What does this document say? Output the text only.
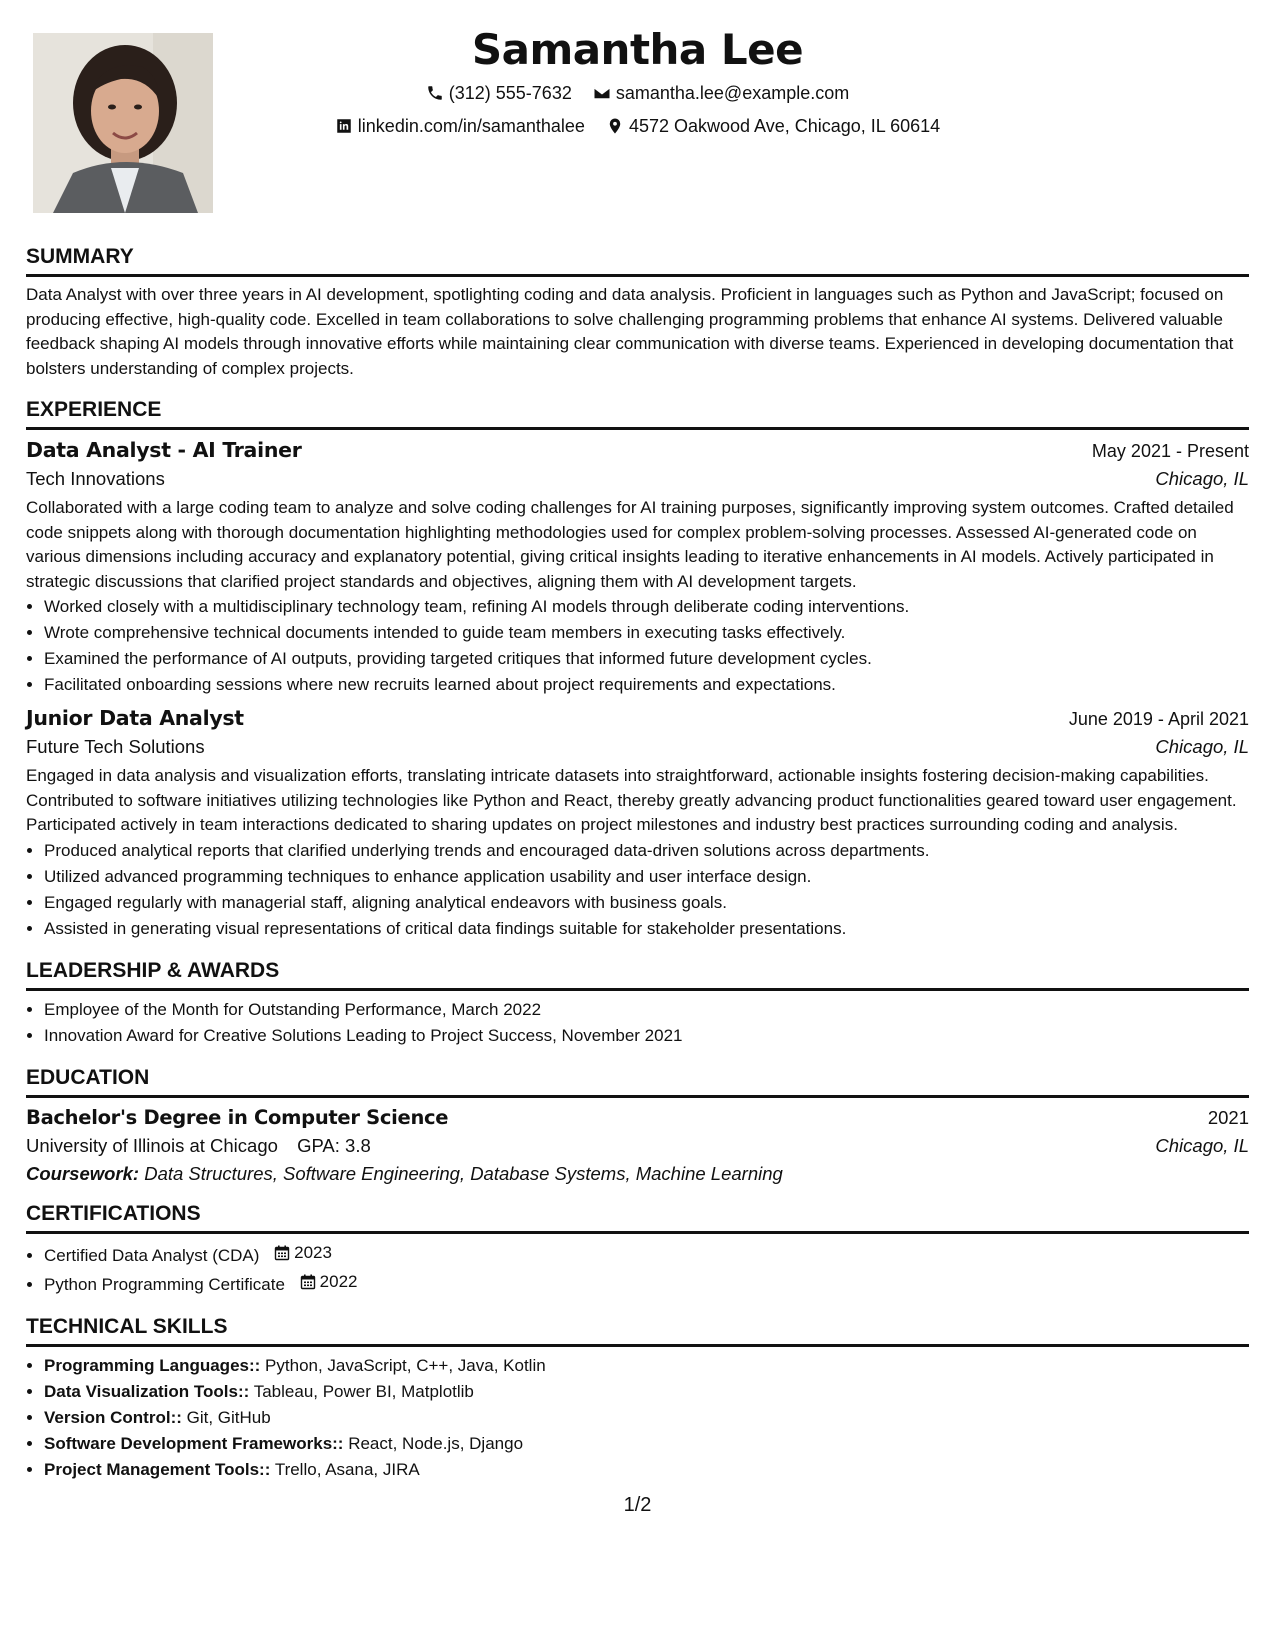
Samantha Lee
(312) 555-7632
samantha.lee@example.com
linkedin.com/in/samanthalee
4572 Oakwood Ave, Chicago, IL 60614
SUMMARY

Data Analyst with over three years in AI development, spotlighting coding and data analysis. Proficient in languages such as Python and JavaScript; focused on producing effective, high-quality code. Excelled in team collaborations to solve challenging programming problems that enhance AI systems. Delivered valuable feedback shaping AI models through innovative efforts while maintaining clear communication with diverse teams. Experienced in developing documentation that bolsters understanding of complex projects.

EXPERIENCE
Data Analyst - AI Trainer	May 2021 - Present
Tech Innovations	Chicago, IL

Collaborated with a large coding team to analyze and solve coding challenges for AI training purposes, significantly improving system outcomes. Crafted detailed code snippets along with thorough documentation highlighting methodologies used for complex problem-solving processes. Assessed AI-generated code on various dimensions including accuracy and explanatory potential, giving critical insights leading to iterative enhancements in AI models. Actively participated in strategic discussions that clarified project standards and objectives, aligning them with AI development targets.

• Worked closely with a multidisciplinary technology team, refining AI models through deliberate coding interventions.
• Wrote comprehensive technical documents intended to guide team members in executing tasks effectively.
• Examined the performance of AI outputs, providing targeted critiques that informed future development cycles.
• Facilitated onboarding sessions where new recruits learned about project requirements and expectations.
Junior Data Analyst	June 2019 - April 2021
Future Tech Solutions	Chicago, IL

Engaged in data analysis and visualization efforts, translating intricate datasets into straightforward, actionable insights fostering decision-making capabilities. Contributed to software initiatives utilizing technologies like Python and React, thereby greatly advancing product functionalities geared toward user engagement. Participated actively in team interactions dedicated to sharing updates on project milestones and industry best practices surrounding coding and analysis.

• Produced analytical reports that clarified underlying trends and encouraged data-driven solutions across departments.
• Utilized advanced programming techniques to enhance application usability and user interface design.
• Engaged regularly with managerial staff, aligning analytical endeavors with business goals.
• Assisted in generating visual representations of critical data findings suitable for stakeholder presentations.
LEADERSHIP & AWARDS
• Employee of the Month for Outstanding Performance, March 2022
• Innovation Award for Creative Solutions Leading to Project Success, November 2021
EDUCATION
Bachelor's Degree in Computer Science	2021
University of Illinois at Chicago GPA: 3.8	Chicago, IL
Coursework: Data Structures, Software Engineering, Database Systems, Machine Learning
CERTIFICATIONS
• Certified Data Analyst (CDA) 2023
• Python Programming Certificate 2022
TECHNICAL SKILLS
• Programming Languages:: Python, JavaScript, C++, Java, Kotlin
• Data Visualization Tools:: Tableau, Power BI, Matplotlib
• Version Control:: Git, GitHub
• Software Development Frameworks:: React, Node.js, Django
• Project Management Tools:: Trello, Asana, JIRA
1/2
